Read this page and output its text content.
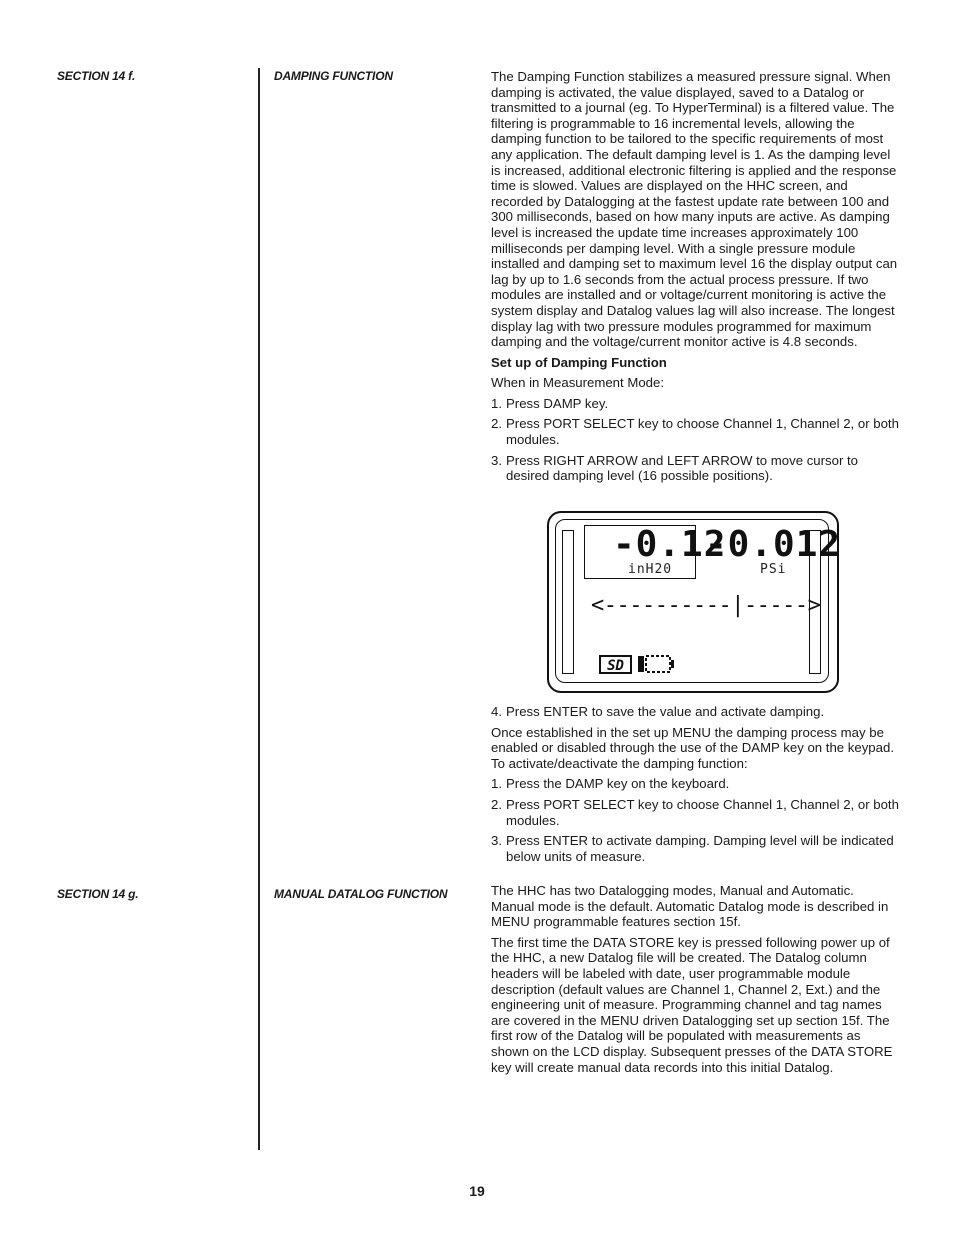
SECTION 14 f.	DAMPING FUNCTION	The Damping Function stabilizes a measured pressure signal. When damping is activated, the value displayed, saved to a Datalog or transmitted to a journal (eg. To HyperTerminal) is a filtered value. The filtering is programmable to 16 incremental levels, allowing the damping function to be tailored to the specific requirements of most any application. The default damping level is 1. As the damping level is increased, additional electronic filtering is applied and the response time is slowed. Values are displayed on the HHC screen, and recorded by Datalogging at the fastest update rate between 100 and 300 milliseconds, based on how many inputs are active. As damping level is increased the update time increases approximately 100 milliseconds per damping level. With a single pressure module installed and damping set to maximum level 16 the display output can lag by up to 1.6 seconds from the actual process pressure. If two modules are installed and or voltage/current monitoring is active the system display and Datalog values lag will also increase. The longest display lag with two pressure modules programmed for maximum damping and the voltage/current monitor active is 4.8 seconds.

Set up of Damping Function

When in Measurement Mode:

1. Press DAMP key.
2. Press PORT SELECT key to choose Channel 1, Channel 2, or both modules.
3. Press RIGHT ARROW and LEFT ARROW to move cursor to desired damping level (16 possible positions).
-0.12
-0.012
inH20	PSi
<----------|----->
SD
4. Press ENTER to save the value and activate damping.

Once established in the set up MENU the damping process may be enabled or disabled through the use of the DAMP key on the keypad. To activate/deactivate the damping function:

1. Press the DAMP key on the keyboard.
2. Press PORT SELECT key to choose Channel 1, Channel 2, or both modules.
3. Press ENTER to activate damping. Damping level will be indicated below units of measure.
SECTION 14 g.	MANUAL DATALOG FUNCTION	The HHC has two Datalogging modes, Manual and Automatic. Manual mode is the default. Automatic Datalog mode is described in MENU programmable features section 15f.

The first time the DATA STORE key is pressed following power up of the HHC, a new Datalog file will be created. The Datalog column headers will be labeled with date, user programmable module description (default values are Channel 1, Channel 2, Ext.) and the engineering unit of measure. Programming channel and tag names are covered in the MENU driven Datalogging set up section 15f. The first row of the Datalog will be populated with measurements as shown on the LCD display. Subsequent presses of the DATA STORE key will create manual data records into this initial Datalog.

19
